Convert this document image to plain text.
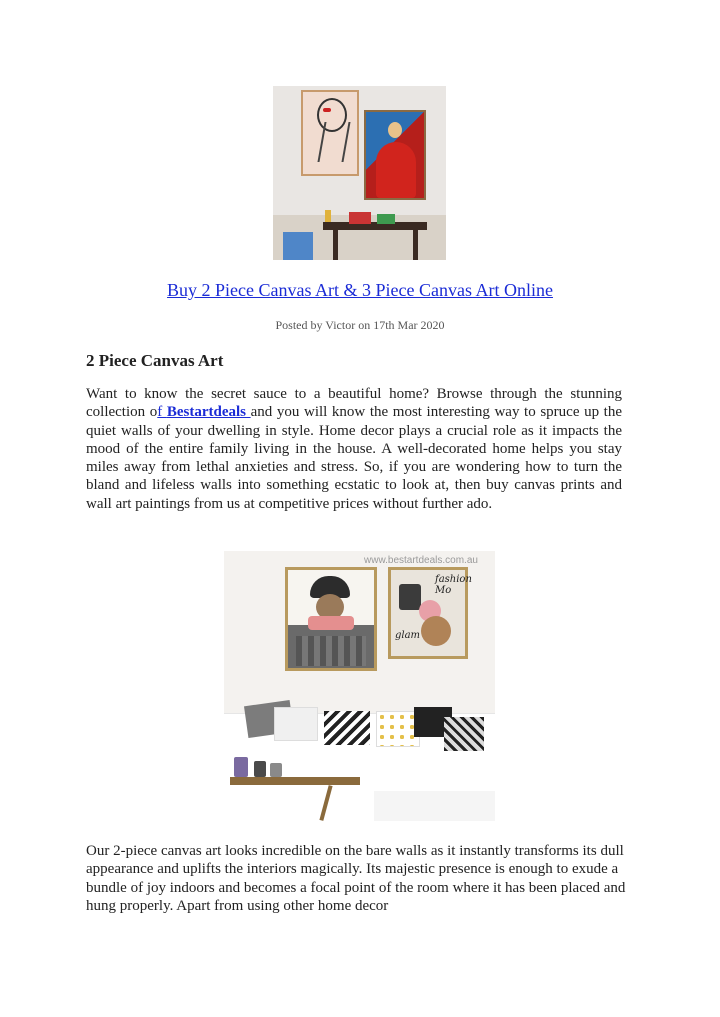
Buy 2 Piece Canvas Art & 3 Piece Canvas Art Online
Posted by Victor on 17th Mar 2020
2 Piece Canvas Art
Want to know the secret sauce to a beautiful home? Browse through the stunning collection of Bestartdeals and you will know the most interesting way to spruce up the quiet walls of your dwelling in style. Home decor plays a crucial role as it impacts the mood of the entire family living in the house. A well-decorated home helps you stay miles away from lethal anxieties and stress. So, if you are wondering how to turn the bland and lifeless walls into something ecstatic to look at, then buy canvas prints and wall art paintings from us at competitive prices without further ado.
www.bestartdeals.com.au
fashion Mo
glam
Our 2-piece canvas art looks incredible on the bare walls as it instantly transforms its dull appearance and uplifts the interiors magically. Its majestic presence is enough to exude a bundle of joy indoors and becomes a focal point of the room where it has been placed and hung properly. Apart from using other home decor
